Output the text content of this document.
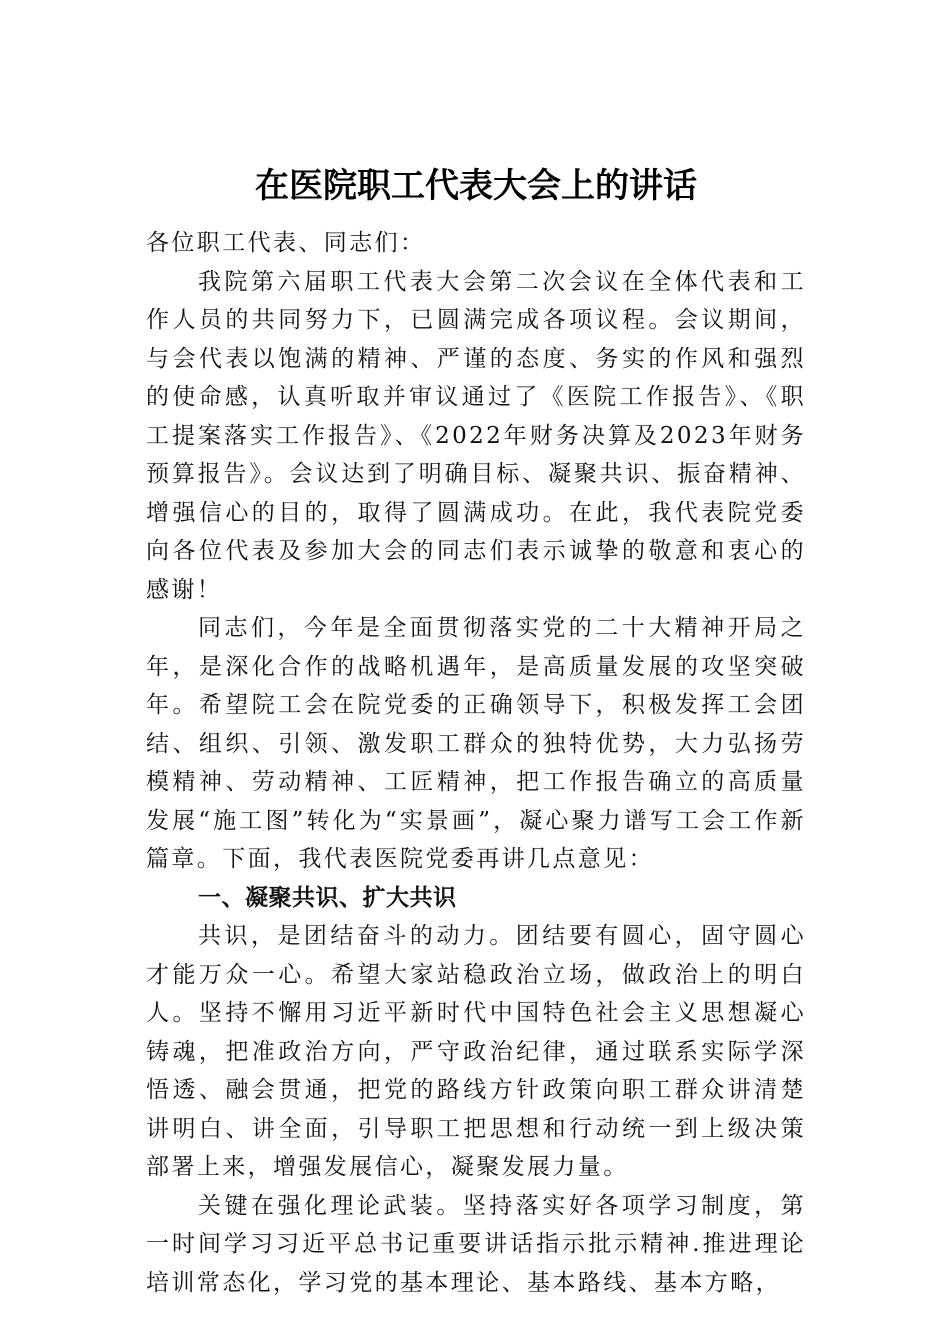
在医院职工代表大会上的讲话

各位职工代表、同志们：

我院第六届职工代表大会第二次会议在全体代表和工作人员的共同努力下，已圆满完成各项议程。会议期间，与会代表以饱满的精神、严谨的态度、务实的作风和强烈的使命感，认真听取并审议通过了《医院工作报告》、《职工提案落实工作报告》、《2022年财务决算及2023年财务预算报告》。会议达到了明确目标、凝聚共识、振奋精神、增强信心的目的，取得了圆满成功。在此，我代表院党委向各位代表及参加大会的同志们表示诚挚的敬意和衷心的感谢！

同志们，今年是全面贯彻落实党的二十大精神开局之年，是深化合作的战略机遇年，是高质量发展的攻坚突破年。希望院工会在院党委的正确领导下，积极发挥工会团结、组织、引领、激发职工群众的独特优势，大力弘扬劳模精神、劳动精神、工匠精神，把工作报告确立的高质量发展“施工图”转化为“实景画”，凝心聚力谱写工会工作新篇章。下面，我代表医院党委再讲几点意见：

一、凝聚共识、扩大共识

共识，是团结奋斗的动力。团结要有圆心，固守圆心才能万众一心。希望大家站稳政治立场，做政治上的明白人。坚持不懈用习近平新时代中国特色社会主义思想凝心铸魂，把准政治方向，严守政治纪律，通过联系实际学深悟透、融会贯通，把党的路线方针政策向职工群众讲清楚讲明白、讲全面，引导职工把思想和行动统一到上级决策部署上来，增强发展信心，凝聚发展力量。

关键在强化理论武装。坚持落实好各项学习制度，第一时间学习习近平总书记重要讲话指示批示精神.推进理论培训常态化，学习党的基本理论、基本路线、基本方略，
